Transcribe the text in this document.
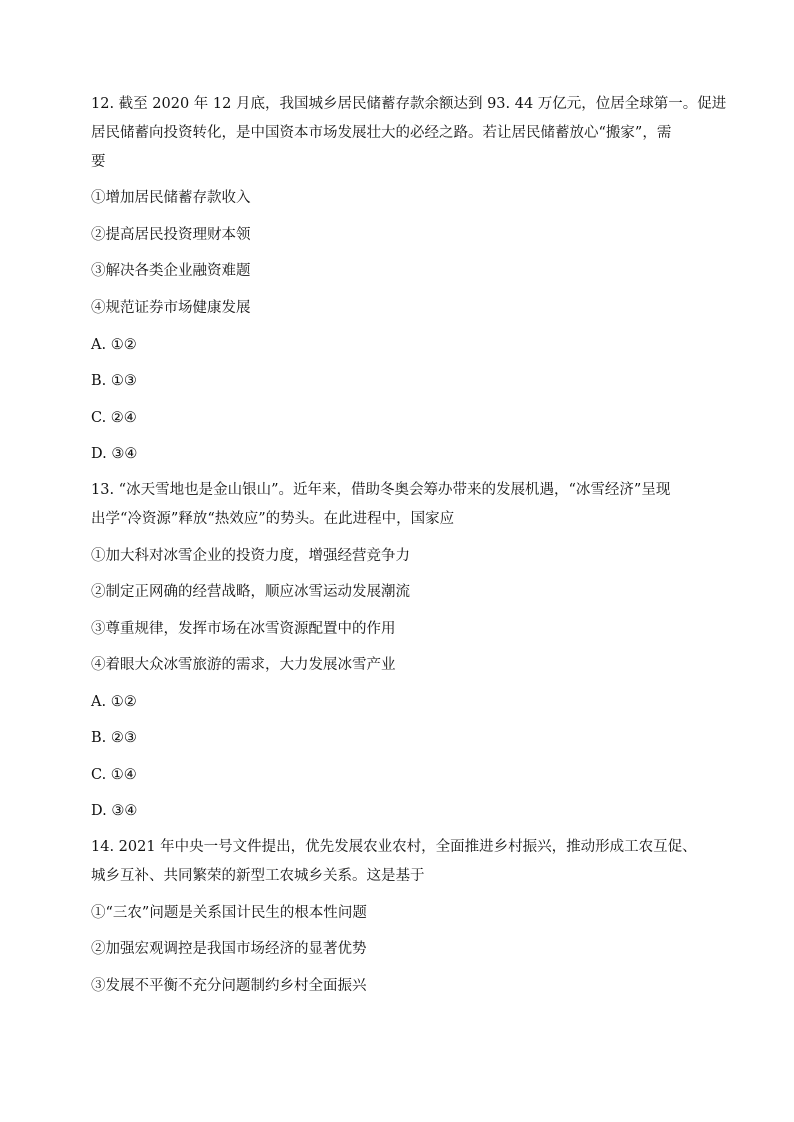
12. 截至 2020 年 12 月底，我国城乡居民储蓄存款余额达到 93. 44 万亿元，位居全球第一。促进
居民储蓄向投资转化，是中国资本市场发展壮大的必经之路。若让居民储蓄放心“搬家”，需
要
①增加居民储蓄存款收入
②提高居民投资理财本领
③解决各类企业融资难题
④规范证券市场健康发展
A. ①②
B. ①③
C. ②④
D. ③④
13. “冰天雪地也是金山银山”。近年来，借助冬奥会筹办带来的发展机遇，“冰雪经济”呈现
出学“冷资源”释放“热效应”的势头。在此进程中，国家应
①加大科对冰雪企业的投资力度，增强经营竞争力
②制定正网确的经营战略，顺应冰雪运动发展潮流
③尊重规律，发挥市场在冰雪资源配置中的作用
④着眼大众冰雪旅游的需求，大力发展冰雪产业
A. ①②
B. ②③
C. ①④
D. ③④
14. 2021 年中央一号文件提出，优先发展农业农村，全面推进乡村振兴，推动形成工农互促、
城乡互补、共同繁荣的新型工农城乡关系。这是基于
①“三农”问题是关系国计民生的根本性问题
②加强宏观调控是我国市场经济的显著优势
③发展不平衡不充分问题制约乡村全面振兴
